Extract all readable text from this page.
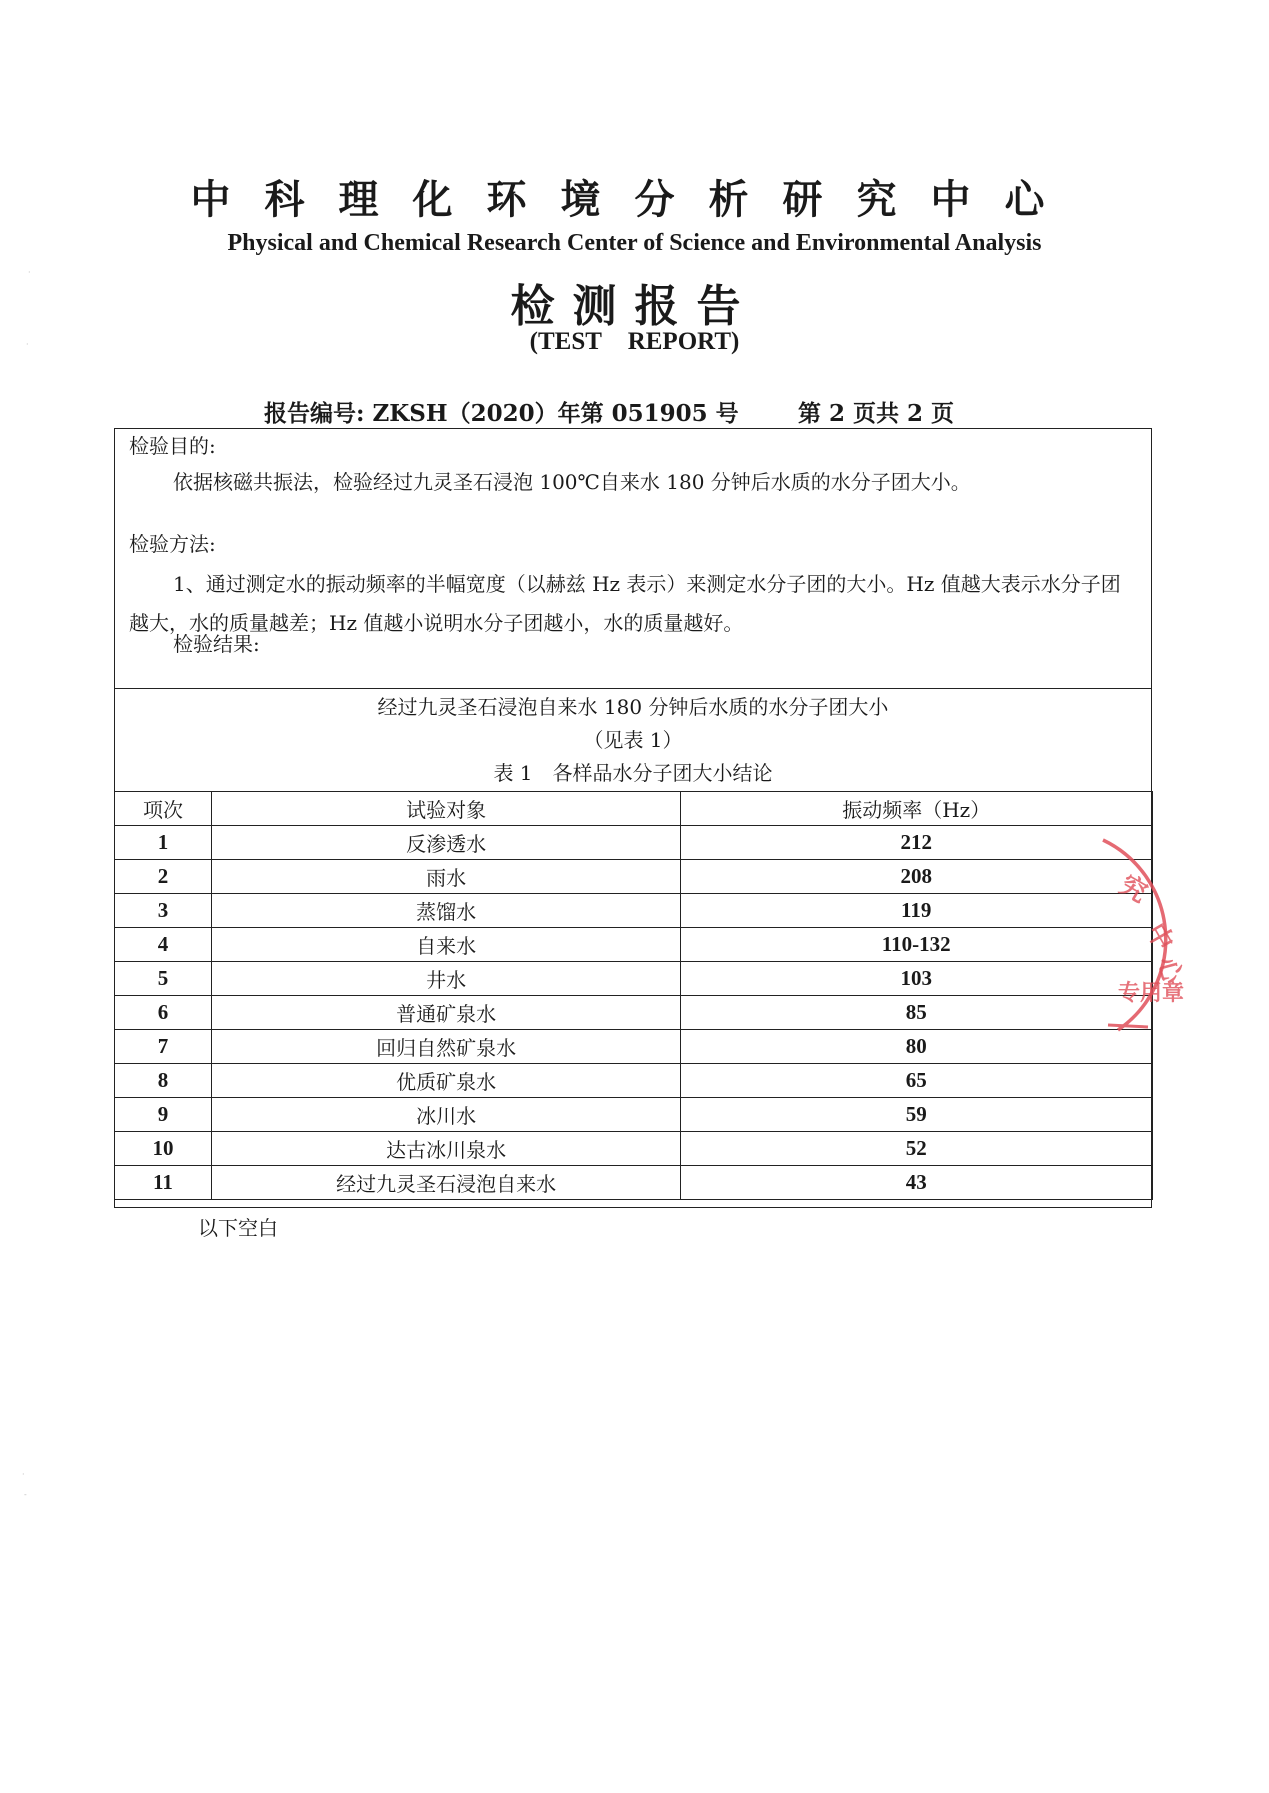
中科理化环境分析研究中心
Physical and Chemical Research Center of Science and Environmental Analysis
检测报告
(TEST REPORT)
报告编号: ZKSH（2020）年第 051905 号	第 2 页共 2 页
检验目的:
依据核磁共振法，检验经过九灵圣石浸泡 100℃自来水 180 分钟后水质的水分子团大小。
检验方法:
1、通过测定水的振动频率的半幅宽度（以赫兹 Hz 表示）来测定水分子团的大小。Hz 值越大表示水分子团越大，水的质量越差；Hz 值越小说明水分子团越小，水的质量越好。
检验结果:
经过九灵圣石浸泡自来水 180 分钟后水质的水分子团大小
（见表 1）
表 1　各样品水分子团大小结论
项次	试验对象	振动频率（Hz）
1	反渗透水	212
2	雨水	208
3	蒸馏水	119
4	自来水	110-132
5	井水	103
6	普通矿泉水	85
7	回归自然矿泉水	80
8	优质矿泉水	65
9	冰川水	59
10	达古冰川泉水	52
11	经过九灵圣石浸泡自来水	43
以下空白
究
中
心
专用章
·
·
·
-
